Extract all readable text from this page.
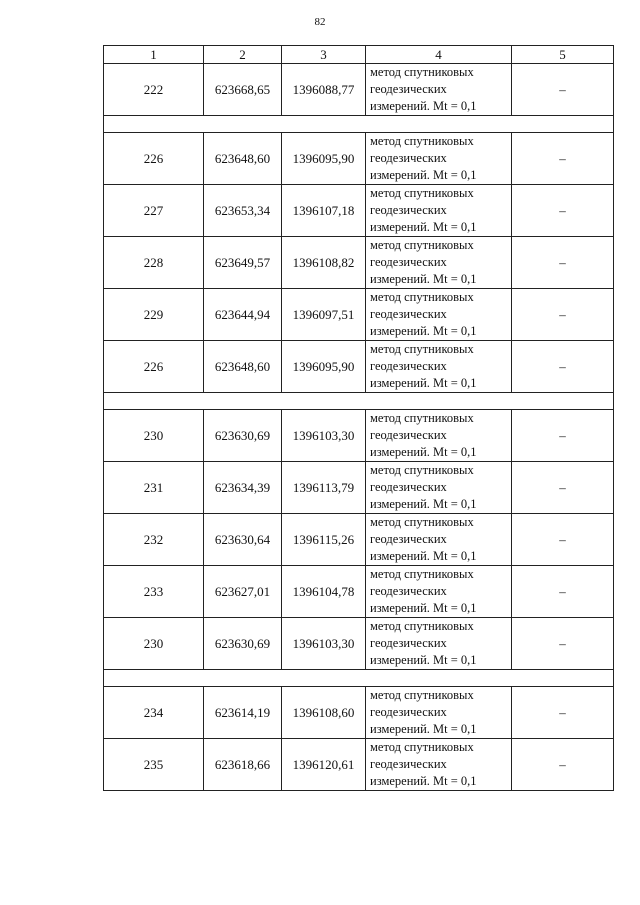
82
1	2	3	4	5
222	623668,65	1396088,77	метод спутниковых
геодезических
измерений. Mt = 0,1	–

226	623648,60	1396095,90	метод спутниковых
геодезических
измерений. Mt = 0,1	–
227	623653,34	1396107,18	метод спутниковых
геодезических
измерений. Mt = 0,1	–
228	623649,57	1396108,82	метод спутниковых
геодезических
измерений. Mt = 0,1	–
229	623644,94	1396097,51	метод спутниковых
геодезических
измерений. Mt = 0,1	–
226	623648,60	1396095,90	метод спутниковых
геодезических
измерений. Mt = 0,1	–

230	623630,69	1396103,30	метод спутниковых
геодезических
измерений. Mt = 0,1	–
231	623634,39	1396113,79	метод спутниковых
геодезических
измерений. Mt = 0,1	–
232	623630,64	1396115,26	метод спутниковых
геодезических
измерений. Mt = 0,1	–
233	623627,01	1396104,78	метод спутниковых
геодезических
измерений. Mt = 0,1	–
230	623630,69	1396103,30	метод спутниковых
геодезических
измерений. Mt = 0,1	–

234	623614,19	1396108,60	метод спутниковых
геодезических
измерений. Mt = 0,1	–
235	623618,66	1396120,61	метод спутниковых
геодезических
измерений. Mt = 0,1	–
